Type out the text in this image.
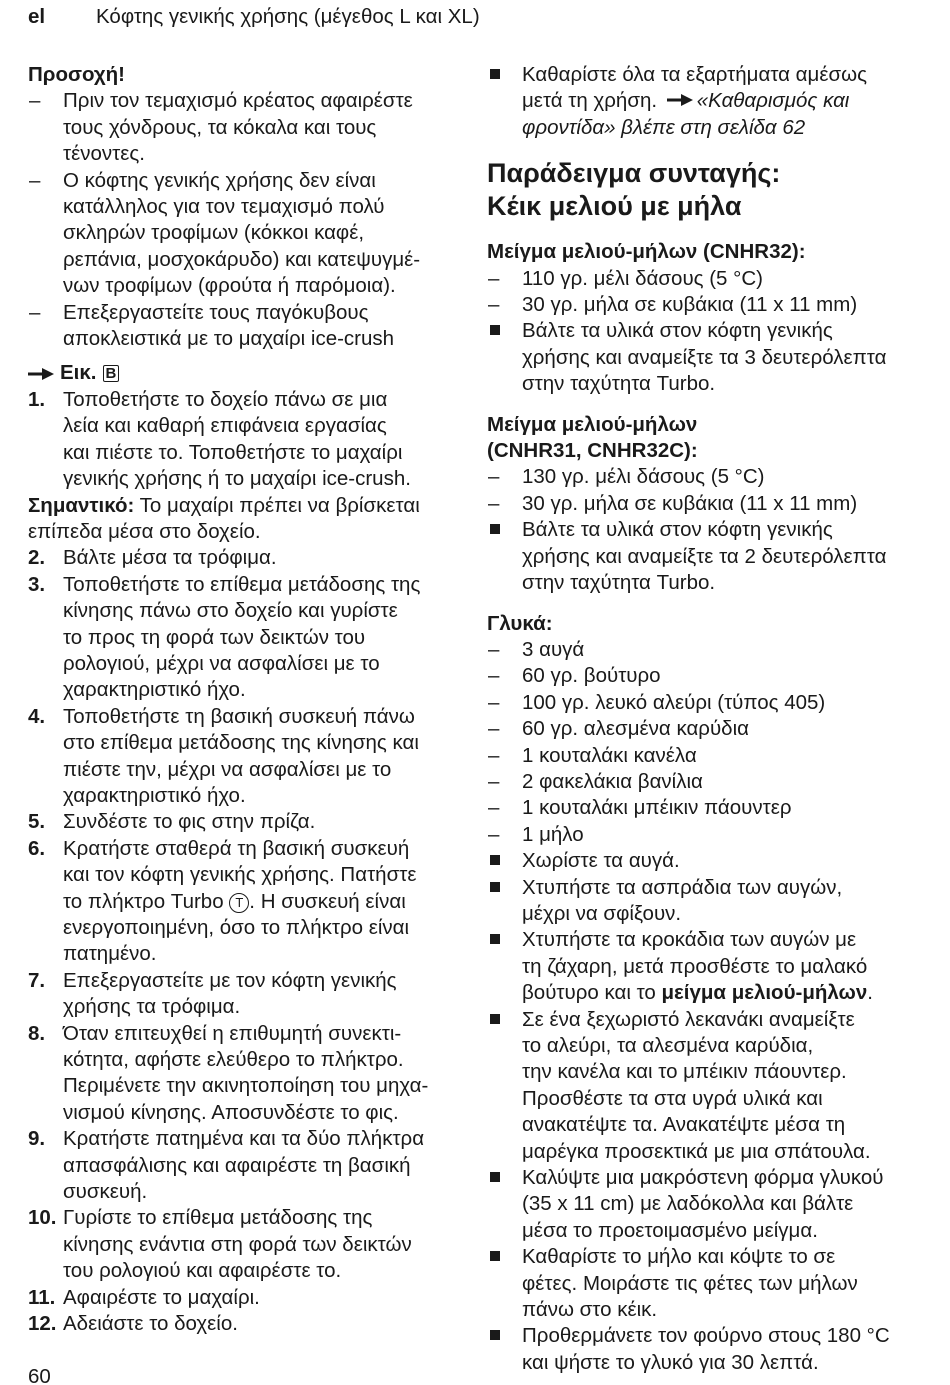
el	Κόφτης γενικής χρήσης (μέγεθος L και XL)
Προσοχή!
–	Πριν τον τεμαχισμό κρέατος αφαιρέστε
τους χόνδρους, τα κόκαλα και τους
τένοντες.
–	Ο κόφτης γενικής χρήσης δεν είναι
κατάλληλος για τον τεμαχισμό πολύ
σκληρών τροφίμων (κόκκοι καφέ,
ρεπάνια, μοσχοκάρυδο) και κατεψυγμέ-
νων τροφίμων (φρούτα ή παρόμοια).
–	Επεξεργαστείτε τους παγόκυβους
αποκλειστικά με το μαχαίρι ice-crush
Εικ. B
1. Τοποθετήστε το δοχείο πάνω σε μια
λεία και καθαρή επιφάνεια εργασίας
και πιέστε το. Τοποθετήστε το μαχαίρι
γενικής χρήσης ή το μαχαίρι ice-crush.
Σημαντικό: Το μαχαίρι πρέπει να βρίσκεται
επίπεδα μέσα στο δοχείο.
2. Βάλτε μέσα τα τρόφιμα.
3. Τοποθετήστε το επίθεμα μετάδοσης της
κίνησης πάνω στο δοχείο και γυρίστε
το προς τη φορά των δεικτών του
ρολογιού, μέχρι να ασφαλίσει με το
χαρακτηριστικό ήχο.
4. Τοποθετήστε τη βασική συσκευή πάνω
στο επίθεμα μετάδοσης της κίνησης και
πιέστε την, μέχρι να ασφαλίσει με το
χαρακτηριστικό ήχο.
5. Συνδέστε το φις στην πρίζα.
6. Κρατήστε σταθερά τη βασική συσκευή
και τον κόφτη γενικής χρήσης. Πατήστε
το πλήκτρο Turbo T . Η συσκευή είναι
ενεργοποιημένη, όσο το πλήκτρο είναι
πατημένο.
7. Επεξεργαστείτε με τον κόφτη γενικής
χρήσης τα τρόφιμα.
8. Όταν επιτευχθεί η επιθυμητή συνεκτι-
κότητα, αφήστε ελεύθερο το πλήκτρο.
Περιμένετε την ακινητοποίηση του μηχα-
νισμού κίνησης. Αποσυνδέστε το φις.
9. Κρατήστε πατημένα και τα δύο πλήκτρα
απασφάλισης και αφαιρέστε τη βασική
συσκευή.
10. Γυρίστε το επίθεμα μετάδοσης της
κίνησης ενάντια στη φορά των δεικτών
του ρολογιού και αφαιρέστε το.
11. Αφαιρέστε το μαχαίρι.
12. Αδειάστε το δοχείο.
Καθαρίστε όλα τα εξαρτήματα αμέσως
μετά τη χρήση. «Καθαρισμός και
φροντίδα» βλέπε στη σελίδα 62
Παράδειγμα συνταγής:
Κέικ μελιού με μήλα
Μείγμα μελιού-μήλων (CNHR32):
–	110 γρ. μέλι δάσους (5 °C)
–	30 γρ. μήλα σε κυβάκια (11 x 11 mm)
Βάλτε τα υλικά στον κόφτη γενικής
χρήσης και αναμείξτε τα 3 δευτερόλεπτα
στην ταχύτητα Turbo.
Μείγμα μελιού-μήλων
(CNHR31, CNHR32C):
–	130 γρ. μέλι δάσους (5 °C)
–	30 γρ. μήλα σε κυβάκια (11 x 11 mm)
Βάλτε τα υλικά στον κόφτη γενικής
χρήσης και αναμείξτε τα 2 δευτερόλεπτα
στην ταχύτητα Turbo.
Γλυκά:
–	3 αυγά
–	60 γρ. βούτυρο
–	100 γρ. λευκό αλεύρι (τύπος 405)
–	60 γρ. αλεσμένα καρύδια
–	1 κουταλάκι κανέλα
–	2 φακελάκια βανίλια
–	1 κουταλάκι μπέικιν πάουντερ
–	1 μήλο
Χωρίστε τα αυγά.
Χτυπήστε τα ασπράδια των αυγών,
μέχρι να σφίξουν.
Χτυπήστε τα κροκάδια των αυγών με
τη ζάχαρη, μετά προσθέστε το μαλακό
βούτυρο και το μείγμα μελιού-μήλων.
Σε ένα ξεχωριστό λεκανάκι αναμείξτε
το αλεύρι, τα αλεσμένα καρύδια,
την κανέλα και το μπέικιν πάουντερ.
Προσθέστε τα στα υγρά υλικά και
ανακατέψτε τα. Ανακατέψτε μέσα τη
μαρέγκα προσεκτικά με μια σπάτουλα.
Καλύψτε μια μακρόστενη φόρμα γλυκού
(35 x 11 cm) με λαδόκολλα και βάλτε
μέσα το προετοιμασμένο μείγμα.
Καθαρίστε το μήλο και κόψτε το σε
φέτες. Μοιράστε τις φέτες των μήλων
πάνω στο κέικ.
Προθερμάνετε τον φούρνο στους 180 °C
και ψήστε το γλυκό για 30 λεπτά.
60
